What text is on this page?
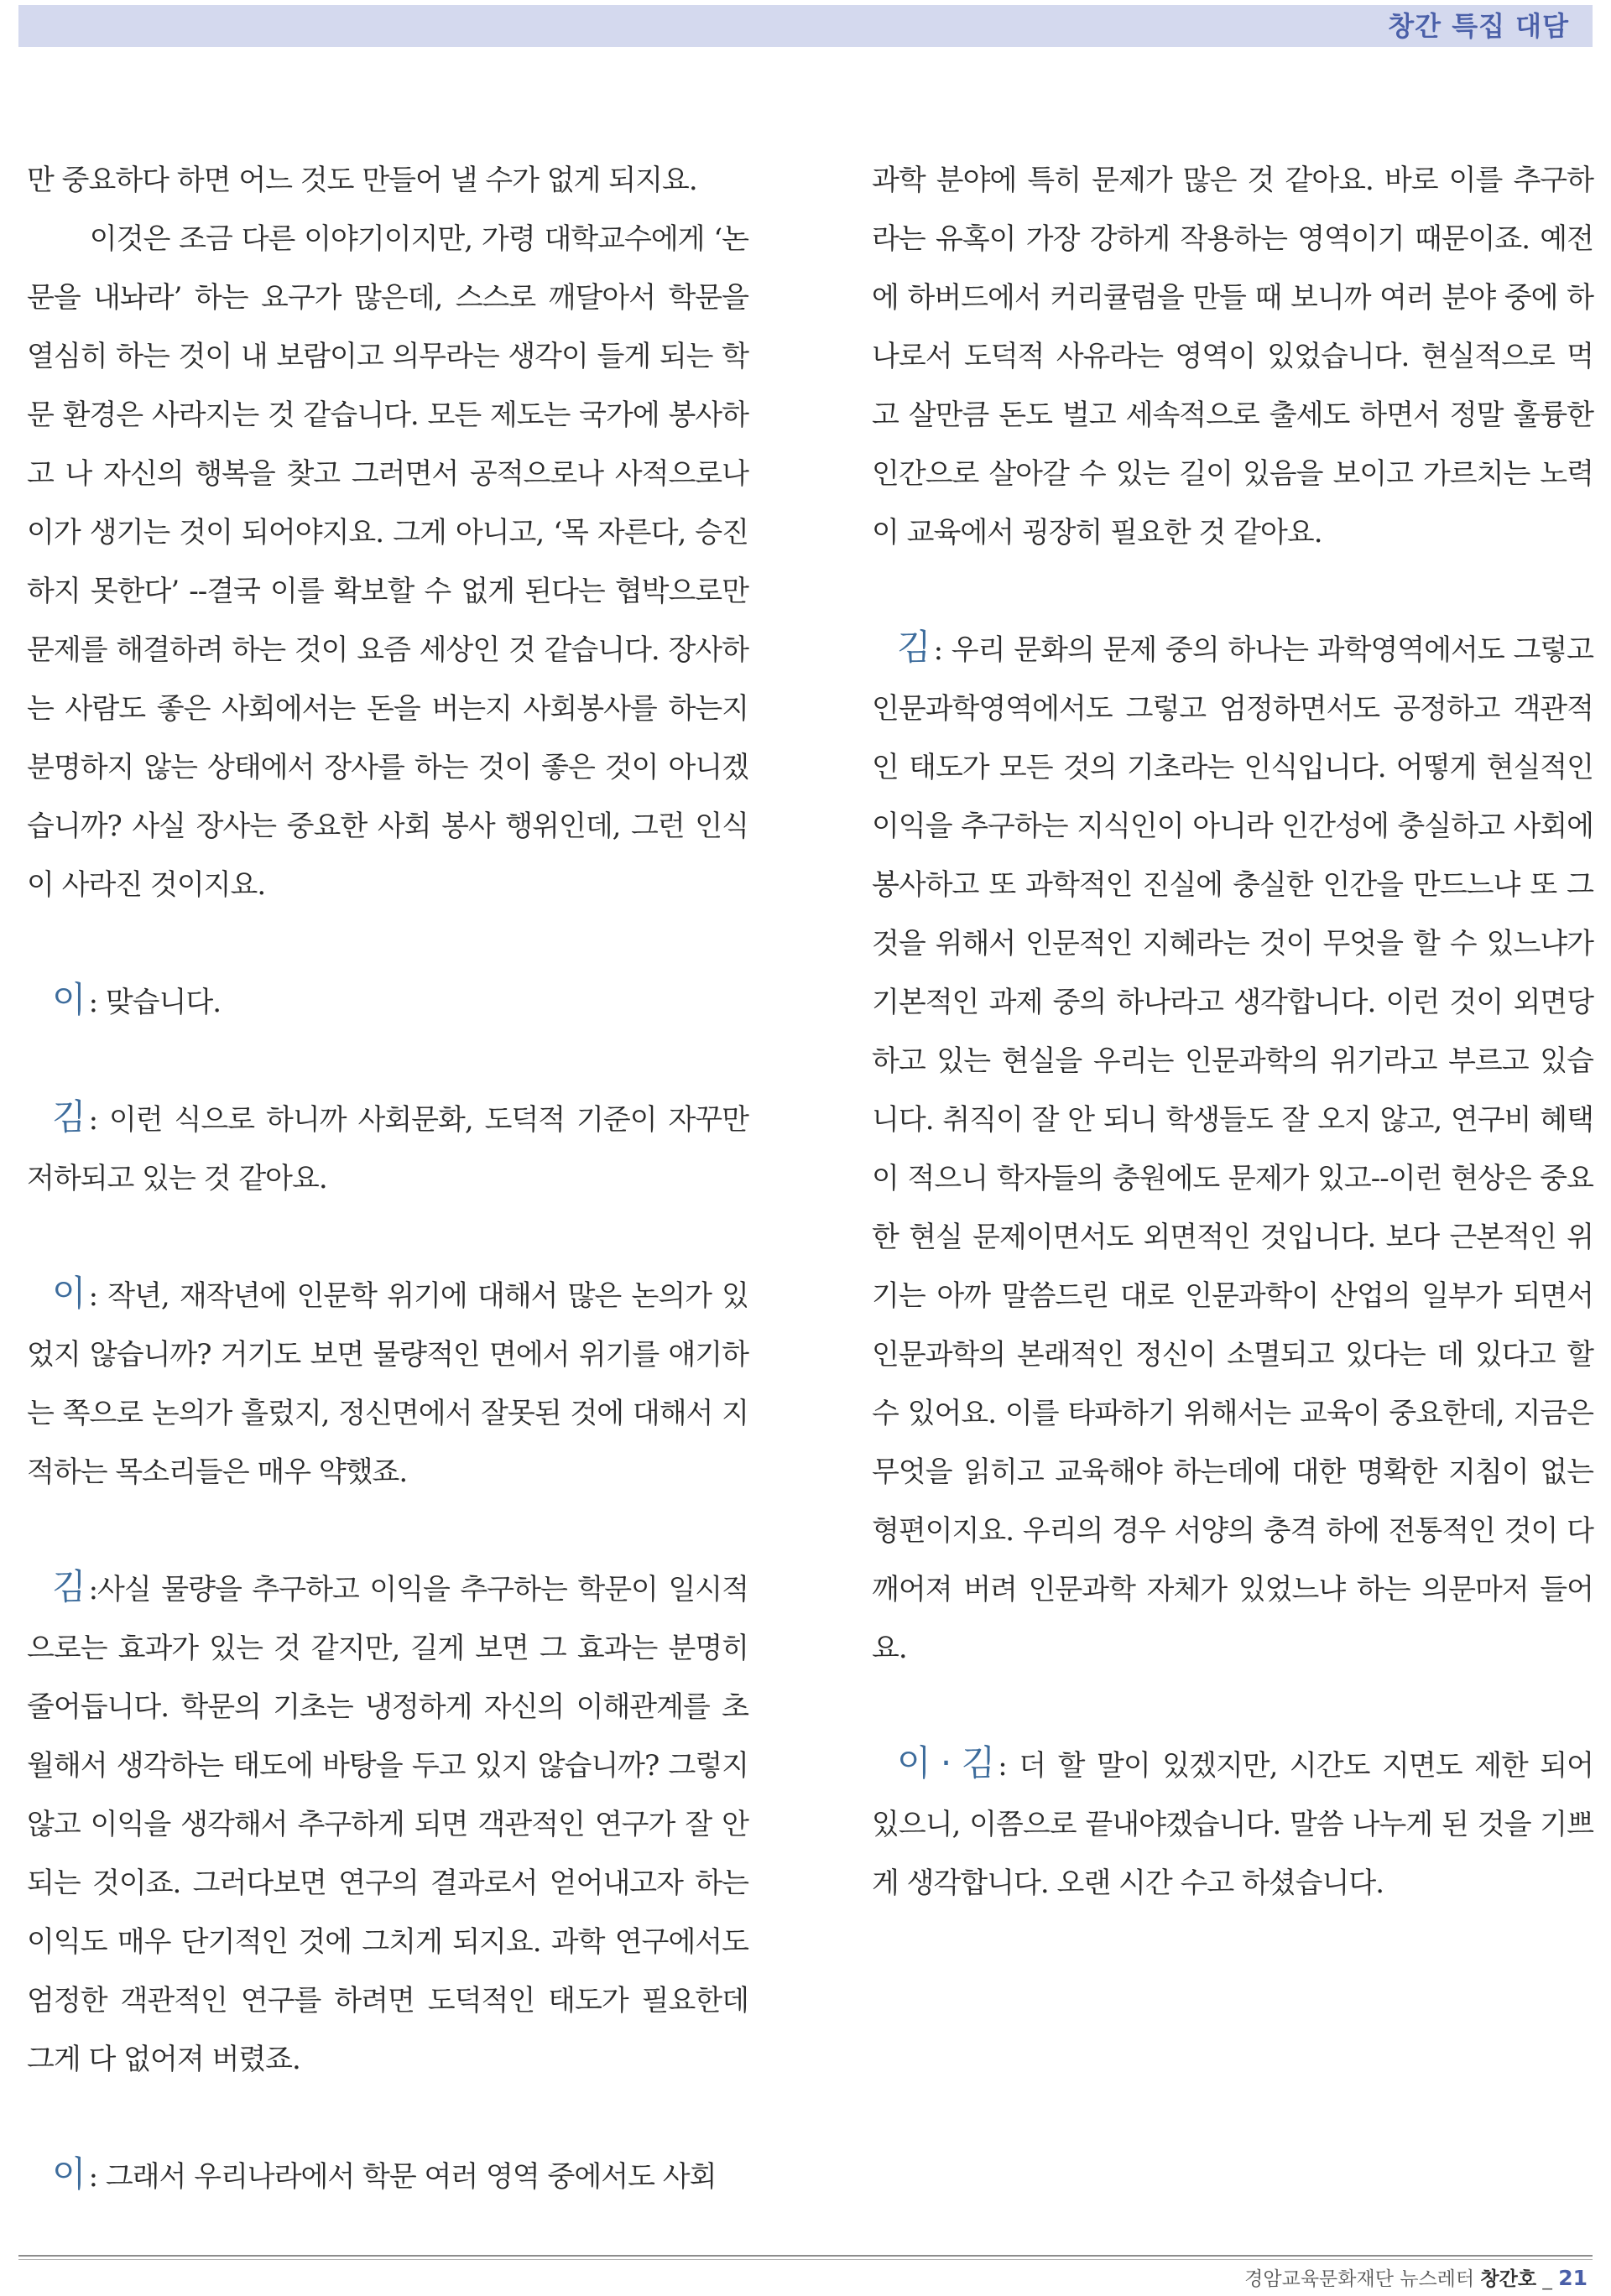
창간 특집 대담

만 중요하다 하면 어느 것도 만들어 낼 수가 없게 되지요.

이것은 조금 다른 이야기이지만, 가령 대학교수에게 ‘논문을 내놔라’ 하는 요구가 많은데, 스스로 깨달아서 학문을 열심히 하는 것이 내 보람이고 의무라는 생각이 들게 되는 학문 환경은 사라지는 것 같습니다. 모든 제도는 국가에 봉사하고 나 자신의 행복을 찾고 그러면서 공적으로나 사적으로나 이가 생기는 것이 되어야지요. 그게 아니고, ‘목 자른다, 승진하지 못한다’ --결국 이를 확보할 수 없게 된다는 협박으로만 문제를 해결하려 하는 것이 요즘 세상인 것 같습니다. 장사하는 사람도 좋은 사회에서는 돈을 버는지 사회봉사를 하는지 분명하지 않는 상태에서 장사를 하는 것이 좋은 것이 아니겠습니까? 사실 장사는 중요한 사회 봉사 행위인데, 그런 인식이 사라진 것이지요.

이 : 맞습니다.

김 : 이런 식으로 하니까 사회문화, 도덕적 기준이 자꾸만 저하되고 있는 것 같아요.

이 : 작년, 재작년에 인문학 위기에 대해서 많은 논의가 있었지 않습니까? 거기도 보면 물량적인 면에서 위기를 얘기하는 쪽으로 논의가 흘렀지, 정신면에서 잘못된 것에 대해서 지적하는 목소리들은 매우 약했죠.

김 :사실 물량을 추구하고 이익을 추구하는 학문이 일시적으로는 효과가 있는 것 같지만, 길게 보면 그 효과는 분명히 줄어듭니다. 학문의 기초는 냉정하게 자신의 이해관계를 초월해서 생각하는 태도에 바탕을 두고 있지 않습니까? 그렇지 않고 이익을 생각해서 추구하게 되면 객관적인 연구가 잘 안 되는 것이죠. 그러다보면 연구의 결과로서 얻어내고자 하는 이익도 매우 단기적인 것에 그치게 되지요. 과학 연구에서도 엄정한 객관적인 연구를 하려면 도덕적인 태도가 필요한데 그게 다 없어져 버렸죠.

이 : 그래서 우리나라에서 학문 여러 영역 중에서도 사회

과학 분야에 특히 문제가 많은 것 같아요. 바로 이를 추구하라는 유혹이 가장 강하게 작용하는 영역이기 때문이죠. 예전에 하버드에서 커리큘럼을 만들 때 보니까 여러 분야 중에 하나로서 도덕적 사유라는 영역이 있었습니다. 현실적으로 먹고 살만큼 돈도 벌고 세속적으로 출세도 하면서 정말 훌륭한 인간으로 살아갈 수 있는 길이 있음을 보이고 가르치는 노력이 교육에서 굉장히 필요한 것 같아요.

김 : 우리 문화의 문제 중의 하나는 과학영역에서도 그렇고 인문과학영역에서도 그렇고 엄정하면서도 공정하고 객관적인 태도가 모든 것의 기초라는 인식입니다. 어떻게 현실적인 이익을 추구하는 지식인이 아니라 인간성에 충실하고 사회에 봉사하고 또 과학적인 진실에 충실한 인간을 만드느냐 또 그것을 위해서 인문적인 지혜라는 것이 무엇을 할 수 있느냐가 기본적인 과제 중의 하나라고 생각합니다. 이런 것이 외면당하고 있는 현실을 우리는 인문과학의 위기라고 부르고 있습니다. 취직이 잘 안 되니 학생들도 잘 오지 않고, 연구비 혜택이 적으니 학자들의 충원에도 문제가 있고--이런 현상은 중요한 현실 문제이면서도 외면적인 것입니다. 보다 근본적인 위기는 아까 말씀드린 대로 인문과학이 산업의 일부가 되면서 인문과학의 본래적인 정신이 소멸되고 있다는 데 있다고 할 수 있어요. 이를 타파하기 위해서는 교육이 중요한데, 지금은 무엇을 읽히고 교육해야 하는데에 대한 명확한 지침이 없는 형편이지요. 우리의 경우 서양의 충격 하에 전통적인 것이 다 깨어져 버려 인문과학 자체가 있었느냐 하는 의문마저 들어요.

이 · 김 : 더 할 말이 있겠지만, 시간도 지면도 제한 되어 있으니, 이쯤으로 끝내야겠습니다. 말씀 나누게 된 것을 기쁘게 생각합니다. 오랜 시간 수고 하셨습니다.

경암교육문화재단 뉴스레터 창간호 _ 21
